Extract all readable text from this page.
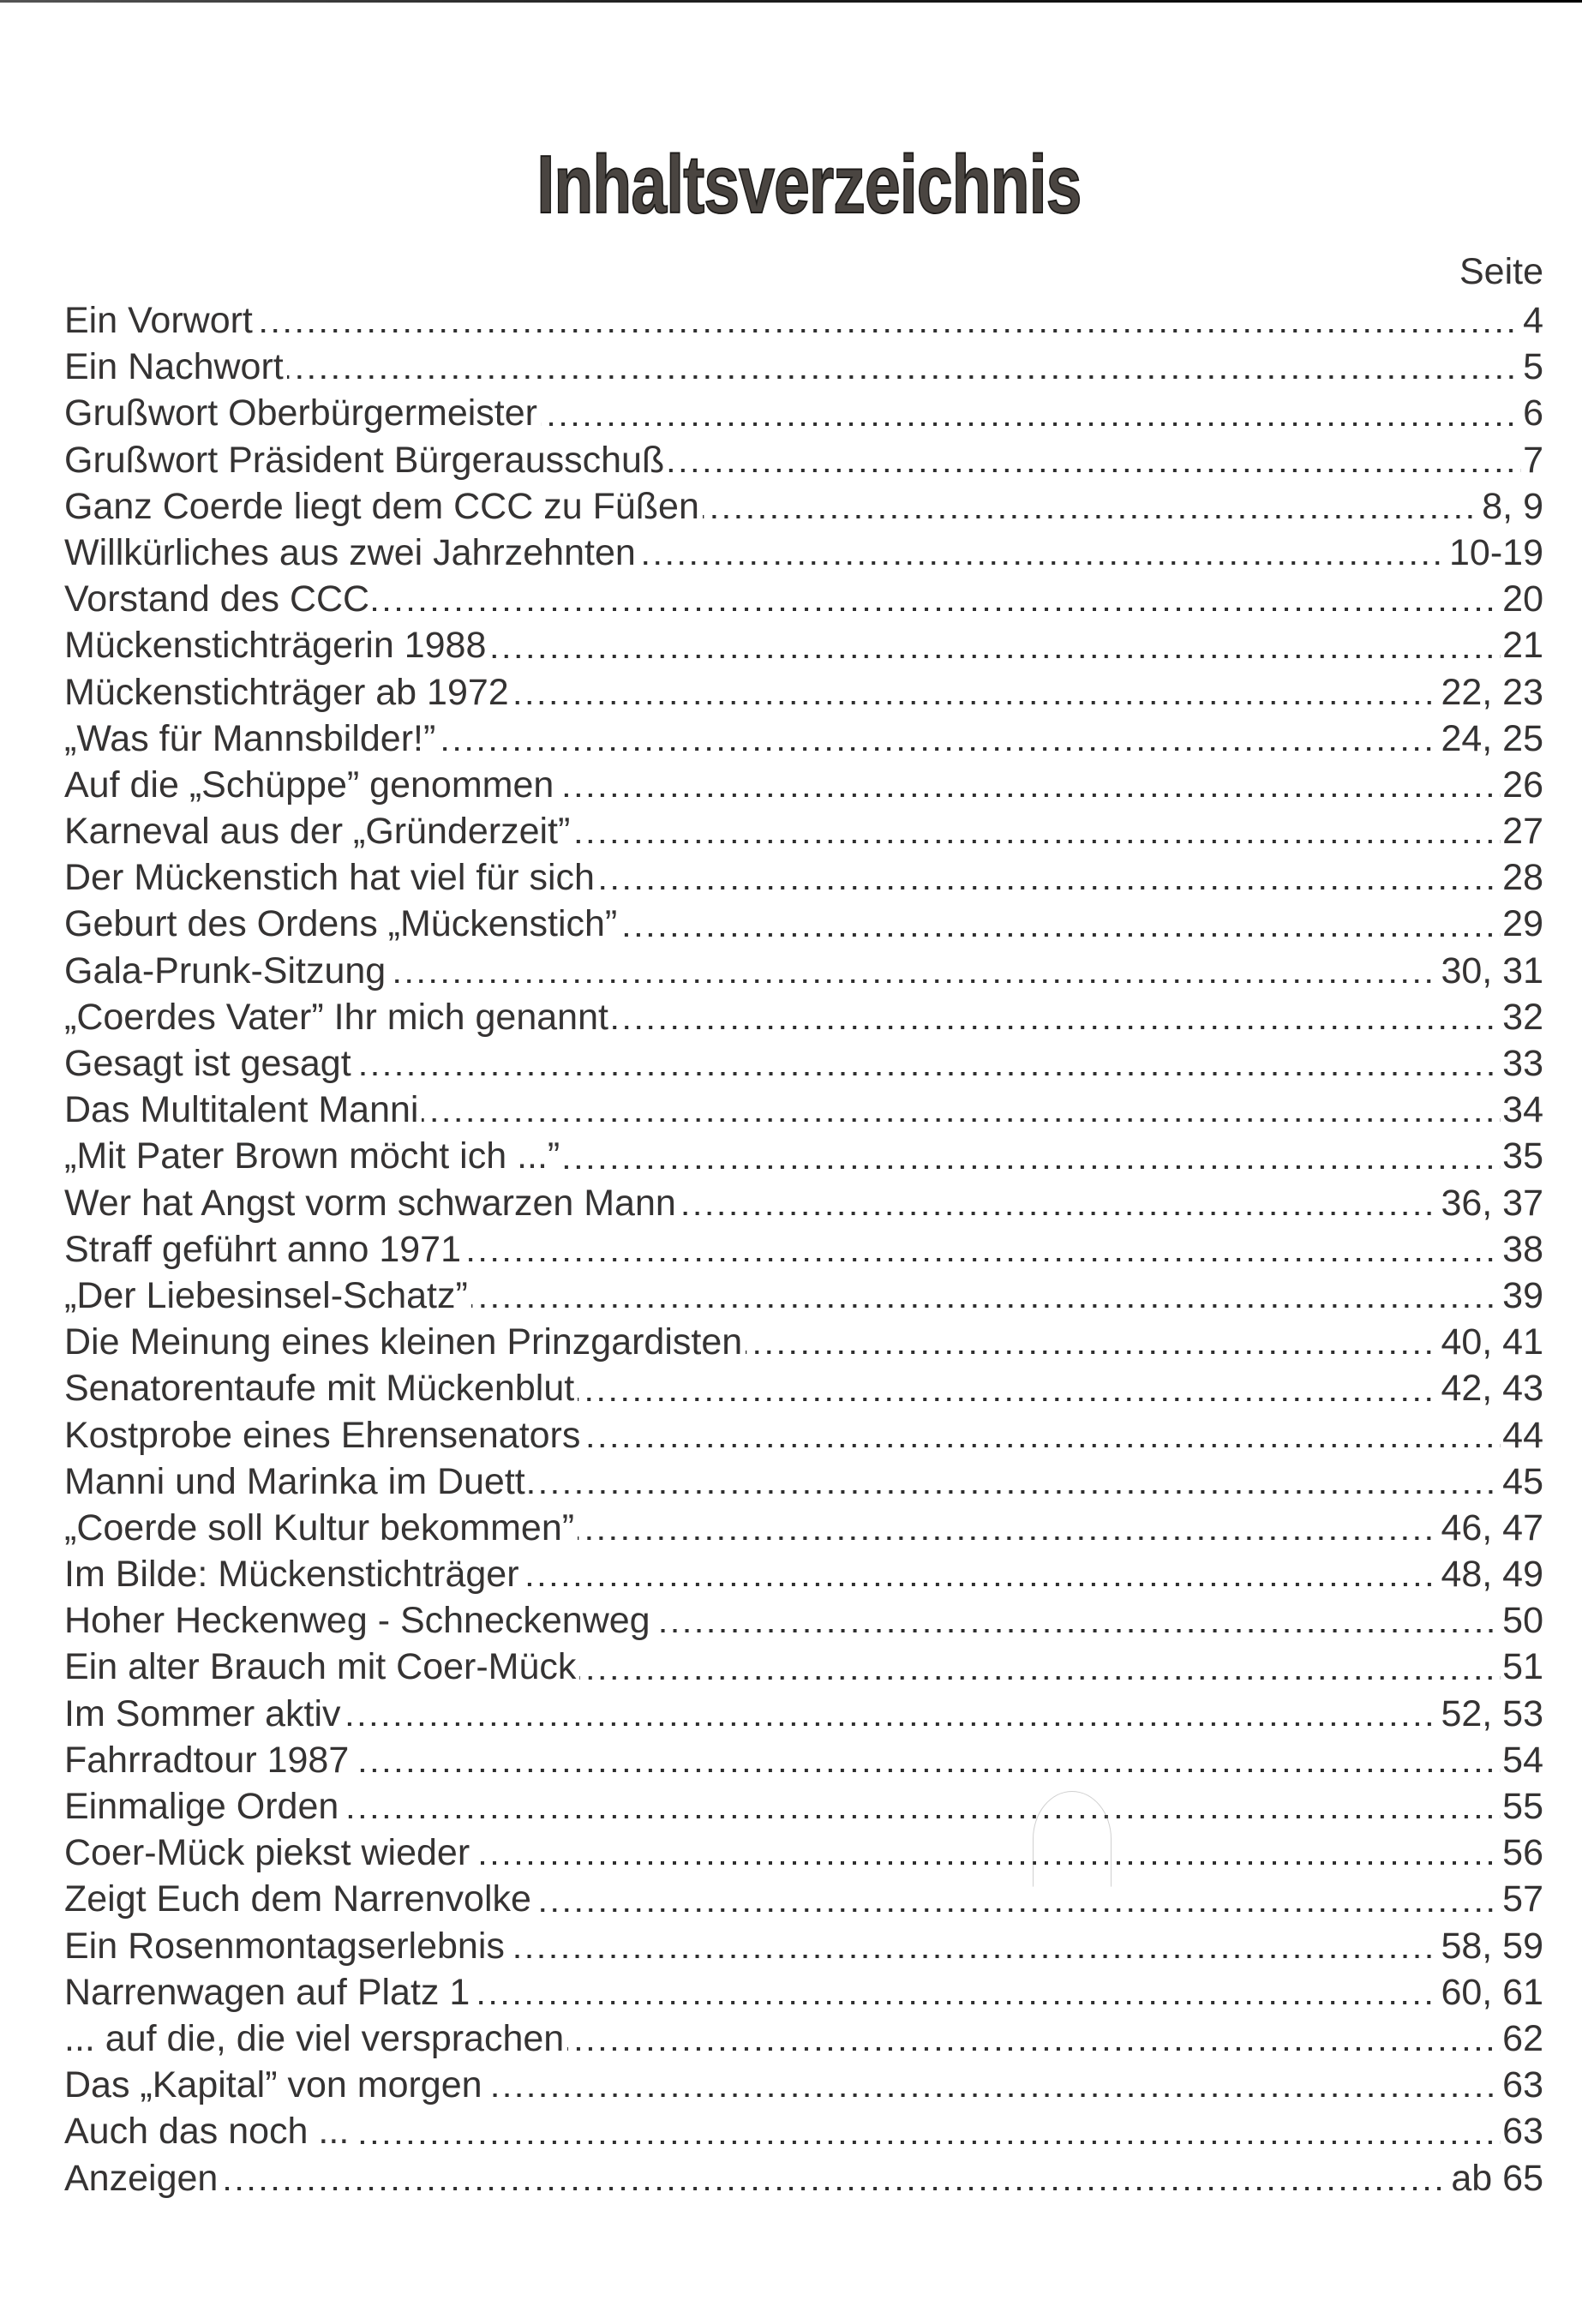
Inhaltsverzeichnis
Seite
Ein Vorwort	4
Ein Nachwort	5
Grußwort Oberbürgermeister	6
Grußwort Präsident Bürgerausschuß	7
Ganz Coerde liegt dem CCC zu Füßen	8, 9
Willkürliches aus zwei Jahrzehnten	10-19
Vorstand des CCC	20
Mückenstichträgerin 1988	21
Mückenstichträger ab 1972	22, 23
„Was für Mannsbilder!”	24, 25
Auf die „Schüppe” genommen	26
Karneval aus der „Gründerzeit”	27
Der Mückenstich hat viel für sich	28
Geburt des Ordens „Mückenstich”	29
Gala-Prunk-Sitzung	30, 31
„Coerdes Vater” Ihr mich genannt	32
Gesagt ist gesagt	33
Das Multitalent Manni	34
„Mit Pater Brown möcht ich ...”	35
Wer hat Angst vorm schwarzen Mann	36, 37
Straff geführt anno 1971	38
„Der Liebesinsel-Schatz”	39
Die Meinung eines kleinen Prinzgardisten	40, 41
Senatorentaufe mit Mückenblut	42, 43
Kostprobe eines Ehrensenators	44
Manni und Marinka im Duett	45
„Coerde soll Kultur bekommen”	46, 47
Im Bilde: Mückenstichträger	48, 49
Hoher Heckenweg - Schneckenweg	50
Ein alter Brauch mit Coer-Mück	51
Im Sommer aktiv	52, 53
Fahrradtour 1987	54
Einmalige Orden	55
Coer-Mück piekst wieder	56
Zeigt Euch dem Narrenvolke	57
Ein Rosenmontagserlebnis	58, 59
Narrenwagen auf Platz 1	60, 61
... auf die, die viel versprachen	62
Das „Kapital” von morgen	63
Auch das noch ...	63
Anzeigen	ab 65
